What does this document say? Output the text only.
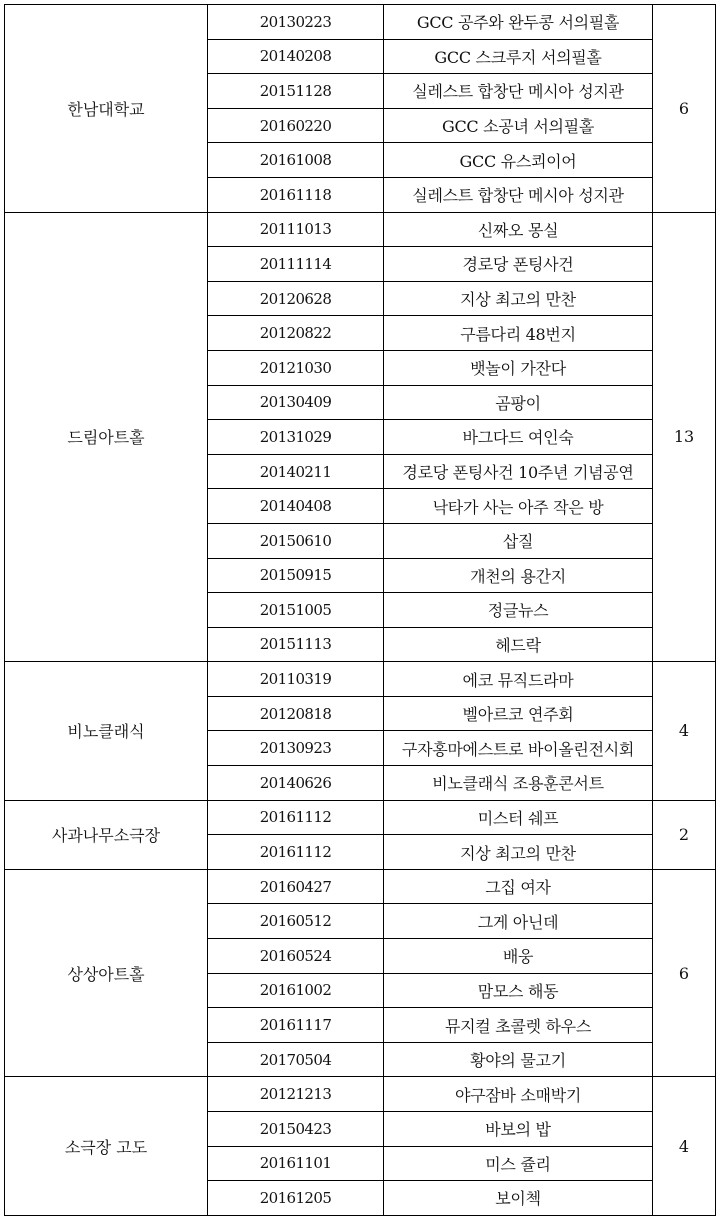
한남대학교	20130223	GCC 공주와 완두콩 서의필홀	6
	20140208	GCC 스크루지 서의필홀	
	20151128	실레스트 합창단 메시아 성지관	
	20160220	GCC 소공녀 서의필홀	
	20161008	GCC 유스쾨이어	
	20161118	실레스트 합창단 메시아 성지관	
드림아트홀	20111013	신짜오 몽실	13
	20111114	경로당 폰팅사건	
	20120628	지상 최고의 만찬	
	20120822	구름다리 48번지	
	20121030	뱃놀이 가잔다	
	20130409	곰팡이	
	20131029	바그다드 여인숙	
	20140211	경로당 폰팅사건 10주년 기념공연	
	20140408	낙타가 사는 아주 작은 방	
	20150610	삽질	
	20150915	개천의 용간지	
	20151005	정글뉴스	
	20151113	헤드락	
비노클래식	20110319	에코 뮤직드라마	4
	20120818	벨아르코 연주회	
	20130923	구자홍마에스트로 바이올린전시회	
	20140626	비노클래식 조용훈콘서트	
사과나무소극장	20161112	미스터 쉐프	2
	20161112	지상 최고의 만찬	
상상아트홀	20160427	그집 여자	6
	20160512	그게 아닌데	
	20160524	배웅	
	20161002	맘모스 해동	
	20161117	뮤지컬 초콜렛 하우스	
	20170504	황야의 물고기	
소극장 고도	20121213	야구잠바 소매박기	4
	20150423	바보의 밥	
	20161101	미스 쥴리	
	20161205	보이첵	
